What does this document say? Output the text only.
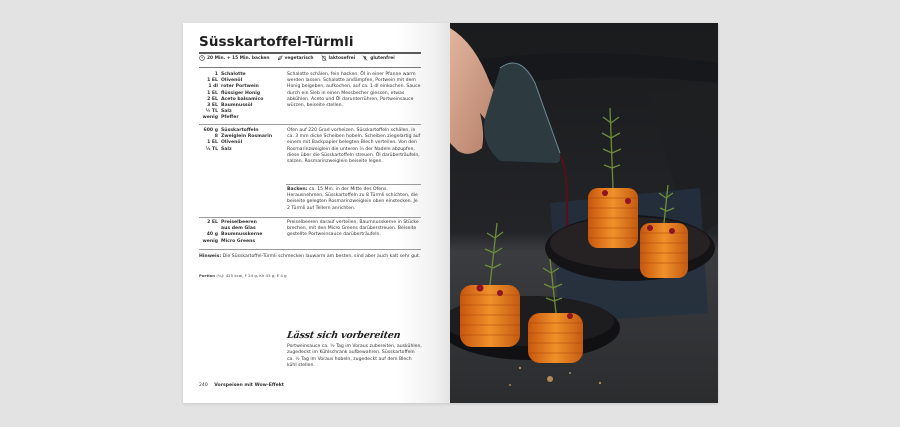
Süsskartoffel-Türmli
20 Min. + 15 Min. backen	vegetarisch	laktosefrei	glutenfrei
1 Schalotte
1 EL Olivenöl
1 dl roter Portwein
1 EL flüssiger Honig
2 EL Aceto balsamico
3 EL Baumnussöl
¼ TL Salz
wenig Pfeffer
Schalotte schälen, fein hacken. Öl in einer Pfanne warm werden lassen. Schalotte andämpfen, Portwein mit dem Honig beigeben, aufkochen, auf ca. 1 dl einkochen. Sauce durch ein Sieb in einen Messbecher giessen, etwas abkühlen. Aceto und Öl darunterrühren, Portweinsauce würzen, beiseite stellen.
600 g Süsskartoffeln
8 Zweiglein Rosmarin
1 EL Olivenöl
½ TL Salz
Ofen auf 220 Grad vorheizen. Süsskartoffeln schälen, in ca. 3 mm dicke Scheiben hobeln. Scheiben ziegelartig auf einem mit Backpapier belegten Blech verteilen. Von den Rosmarinzweiglein die unteren ⅔ der Nadeln abzupfen, diese über die Süsskartoffeln streuen. Öl darüberträufeln, salzen. Rosmarinzweiglein beiseite legen.
Backen: ca. 15 Min. in der Mitte des Ofens. Herausnehmen, Süsskartoffeln zu 8 Türmli schichten, die beiseite gelegten Rosmarinzweiglein oben einstecken. Je 2 Türmli auf Tellern anrichten.
2 EL Preiselbeeren
aus dem Glas
40 g Baumnusskerne
wenig Micro Greens
Preiselbeeren darauf verteilen, Baumnusskerne in Stücke brechen, mit den Micro Greens darüberstreuen. Beiseite gestellte Portweinsauce darüberträufeln.
Hinweis: Die Süsskartoffel-Türmli schmecken lauwarm am besten, sind aber auch kalt sehr gut.
Portion (¼): 425 kcal, F 24 g, Kh 43 g, E 4 g
Lässt sich vorbereiten
Portweinsauce ca. ½ Tag im Voraus zubereiten, auskühlen, zugedeckt im Kühlschrank aufbewahren. Süsskartoffeln ca. ½ Tag im Voraus hobeln, zugedeckt auf dem Blech kühl stellen.
240 Vorspeisen mit Wow-Effekt
